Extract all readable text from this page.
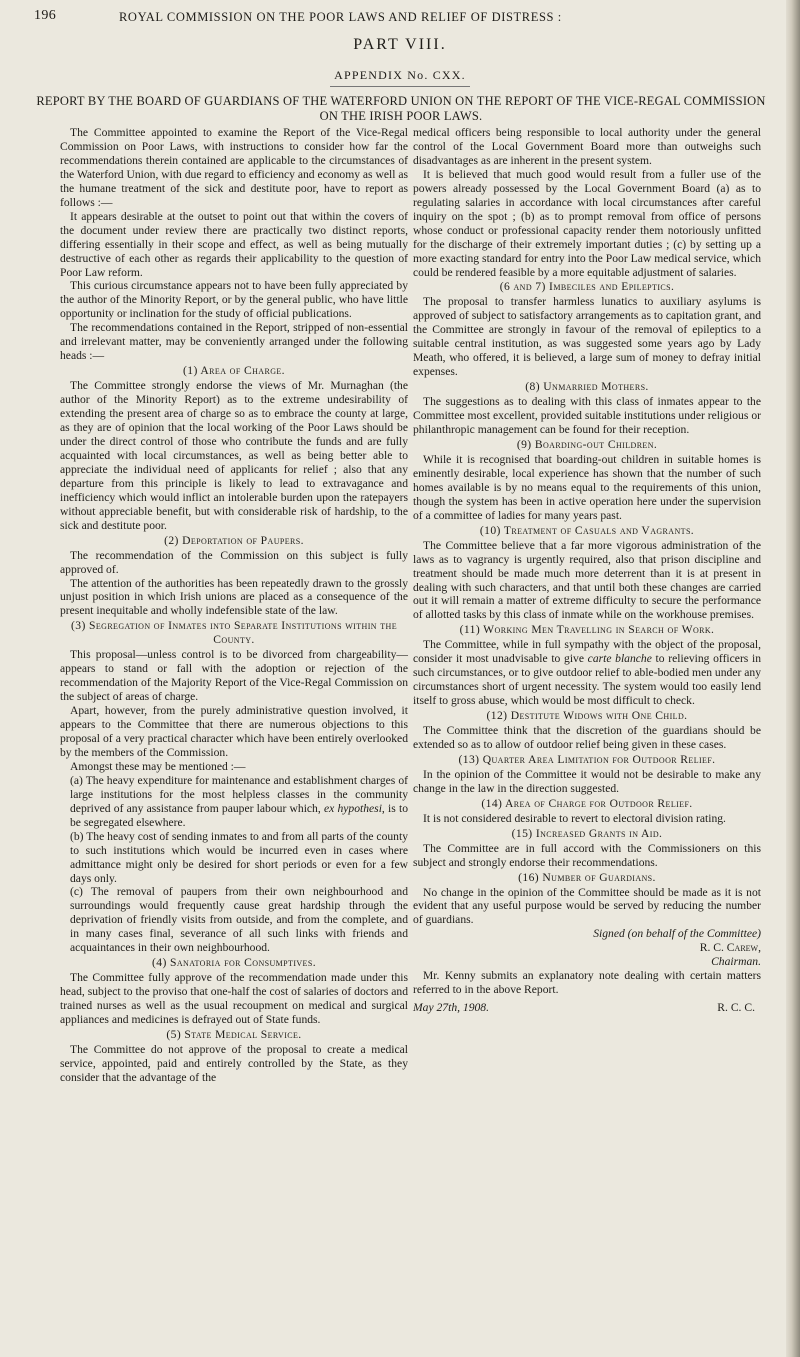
196	ROYAL COMMISSION ON THE POOR LAWS AND RELIEF OF DISTRESS :
PART VIII.
APPENDIX No. CXX.
REPORT BY THE BOARD OF GUARDIANS OF THE WATERFORD UNION ON THE REPORT OF THE VICE-REGAL COMMISSION ON THE IRISH POOR LAWS.

The Committee appointed to examine the Report of the Vice-Regal Commission on Poor Laws, with instructions to consider how far the recommendations therein contained are applicable to the circumstances of the Waterford Union, with due regard to efficiency and economy as well as the humane treatment of the sick and destitute poor, have to report as follows :—

It appears desirable at the outset to point out that within the covers of the document under review there are practically two distinct reports, differing essentially in their scope and effect, as well as being mutually destructive of each other as regards their applicability to the question of Poor Law reform.

This curious circumstance appears not to have been fully appreciated by the author of the Minority Report, or by the general public, who have little opportunity or inclination for the study of official publications.

The recommendations contained in the Report, stripped of non-essential and irrelevant matter, may be conveniently arranged under the following heads :—

(1) Area of Charge.

The Committee strongly endorse the views of Mr. Murnaghan (the author of the Minority Report) as to the extreme undesirability of extending the present area of charge so as to embrace the county at large, as they are of opinion that the local working of the Poor Laws should be under the direct control of those who contribute the funds and are fully acquainted with local circumstances, as well as being better able to appreciate the individual need of applicants for relief ; also that any departure from this principle is likely to lead to extravagance and inefficiency which would inflict an intolerable burden upon the ratepayers without appreciable benefit, but with considerable risk of hardship, to the sick and destitute poor.

(2) Deportation of Paupers.

The recommendation of the Commission on this subject is fully approved of.

The attention of the authorities has been repeatedly drawn to the grossly unjust position in which Irish unions are placed as a consequence of the present inequitable and wholly indefensible state of the law.

(3) Segregation of Inmates into Separate Institutions within the County.

This proposal—unless control is to be divorced from chargeability—appears to stand or fall with the adoption or rejection of the recommendation of the Majority Report of the Vice-Regal Commission on the subject of areas of charge.

Apart, however, from the purely administrative question involved, it appears to the Committee that there are numerous objections to this proposal of a very practical character which have been entirely overlooked by the members of the Commission.

Amongst these may be mentioned :—

(a) The heavy expenditure for maintenance and establishment charges of large institutions for the most helpless classes in the community deprived of any assistance from pauper labour which, ex hypothesi, is to be segregated elsewhere.

(b) The heavy cost of sending inmates to and from all parts of the county to such institutions which would be incurred even in cases where admittance might only be desired for short periods or even for a few days only.

(c) The removal of paupers from their own neighbourhood and surroundings would frequently cause great hardship through the deprivation of friendly visits from outside, and from the complete, and in many cases final, severance of all such links with friends and acquaintances in their own neighbourhood.

(4) Sanatoria for Consumptives.

The Committee fully approve of the recommendation made under this head, subject to the proviso that one-half the cost of salaries of doctors and trained nurses as well as the usual recoupment on medical and surgical appliances and medicines is defrayed out of State funds.

(5) State Medical Service.

The Committee do not approve of the proposal to create a medical service, appointed, paid and entirely controlled by the State, as they consider that the advantage of the

medical officers being responsible to local authority under the general control of the Local Government Board more than outweighs such disadvantages as are inherent in the present system.

It is believed that much good would result from a fuller use of the powers already possessed by the Local Government Board (a) as to regulating salaries in accordance with local circumstances after careful inquiry on the spot ; (b) as to prompt removal from office of persons whose conduct or professional capacity render them notoriously unfitted for the discharge of their extremely important duties ; (c) by setting up a more exacting standard for entry into the Poor Law medical service, which could be rendered feasible by a more equitable adjustment of salaries.

(6 and 7) Imbeciles and Epileptics.

The proposal to transfer harmless lunatics to auxiliary asylums is approved of subject to satisfactory arrangements as to capitation grant, and the Committee are strongly in favour of the removal of epileptics to a suitable central institution, as was suggested some years ago by Lady Meath, who offered, it is believed, a large sum of money to defray initial expenses.

(8) Unmarried Mothers.

The suggestions as to dealing with this class of inmates appear to the Committee most excellent, provided suitable institutions under religious or philanthropic management can be found for their reception.

(9) Boarding-out Children.

While it is recognised that boarding-out children in suitable homes is eminently desirable, local experience has shown that the number of such homes available is by no means equal to the requirements of this union, though the system has been in active operation here under the supervision of a committee of ladies for many years past.

(10) Treatment of Casuals and Vagrants.

The Committee believe that a far more vigorous administration of the laws as to vagrancy is urgently required, also that prison discipline and treatment should be made much more deterrent than it is at present in dealing with such characters, and that until both these changes are carried out it will remain a matter of extreme difficulty to secure the performance of allotted tasks by this class of inmate while on the workhouse premises.

(11) Working Men Travelling in Search of Work.

The Committee, while in full sympathy with the object of the proposal, consider it most unadvisable to give carte blanche to relieving officers in such circumstances, or to give outdoor relief to able-bodied men under any circumstances short of urgent necessity. The system would too easily lend itself to gross abuse, which would be most difficult to check.

(12) Destitute Widows with One Child.

The Committee think that the discretion of the guardians should be extended so as to allow of outdoor relief being given in these cases.

(13) Quarter Area Limitation for Outdoor Relief.

In the opinion of the Committee it would not be desirable to make any change in the law in the direction suggested.

(14) Area of Charge for Outdoor Relief.

It is not considered desirable to revert to electoral division rating.

(15) Increased Grants in Aid.

The Committee are in full accord with the Commissioners on this subject and strongly endorse their recommendations.

(16) Number of Guardians.

No change in the opinion of the Committee should be made as it is not evident that any useful purpose would be served by reducing the number of guardians.

Signed (on behalf of the Committee)

R. C. Carew,

Chairman.

Mr. Kenny submits an explanatory note dealing with certain matters referred to in the above Report.

May 27th, 1908.	R. C. C.
